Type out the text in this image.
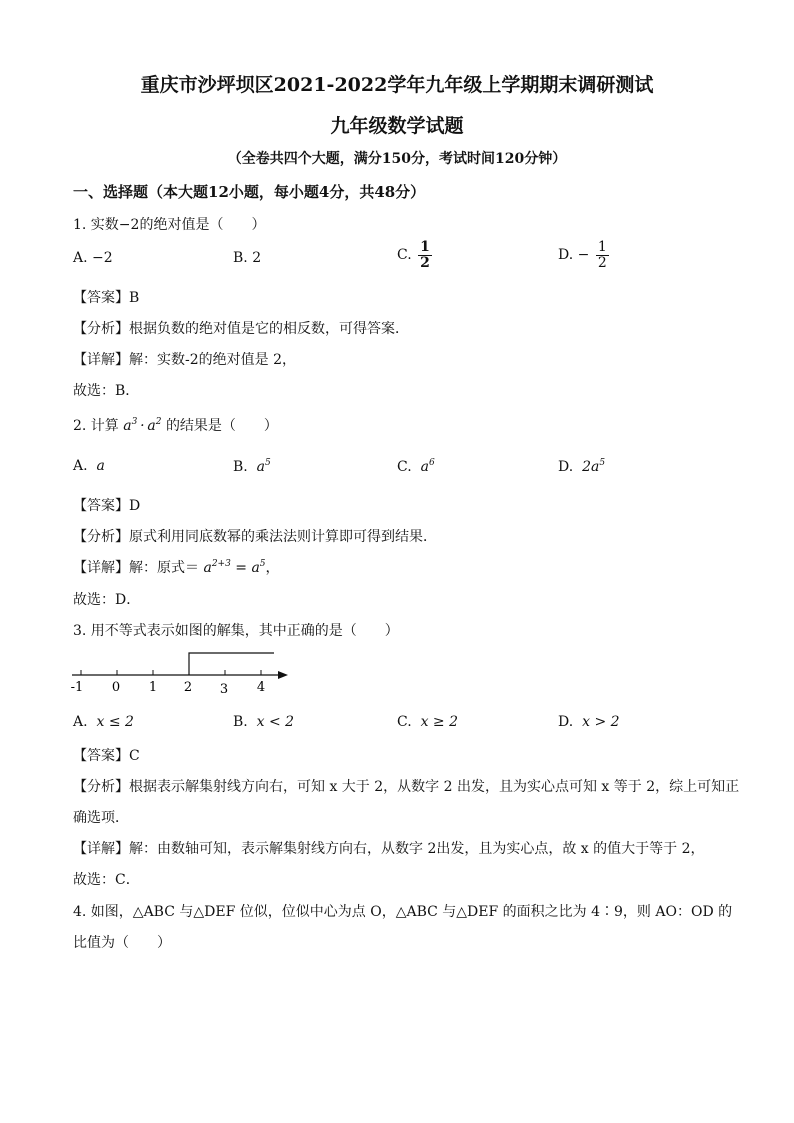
重庆市沙坪坝区2021-2022学年九年级上学期期末调研测试
九年级数学试题
（全卷共四个大题，满分150分，考试时间120分钟）
一、选择题（本大题12小题，每小题4分，共48分）
1. 实数−2的绝对值是（　　）
A. −2	B. 2	C. $\frac{1}{2}$	D. − $\frac{1}{2}$
【答案】B
【分析】根据负数的绝对值是它的相反数，可得答案．
【详解】解：实数-2的绝对值是 2，
故选：B．
2. 计算 $a^3 \cdot a^2$ 的结果是（　　）
A. a	B. $a^5$	C. $a^6$	D. $2a^5$
【答案】D
【分析】原式利用同底数幂的乘法法则计算即可得到结果．
【详解】解：原式＝ $a^{2+3} = a^5$，
故选：D．
3. 用不等式表示如图的解集，其中正确的是（　　）
-1 0 1 2 3 4
A. x ≤ 2	B. x < 2	C. x ≥ 2	D. x > 2
【答案】C
【分析】根据表示解集射线方向右，可知 x 大于 2，从数字 2 出发，且为实心点可知 x 等于 2，综上可知正
确选项．
【详解】解：由数轴可知，表示解集射线方向右，从数字 2出发，且为实心点，故 x 的值大于等于 2，
故选：C．
4. 如图，△ABC 与△DEF 位似，位似中心为点 O，△ABC 与△DEF 的面积之比为 4∶9，则 AO：OD 的
比值为（　　）
